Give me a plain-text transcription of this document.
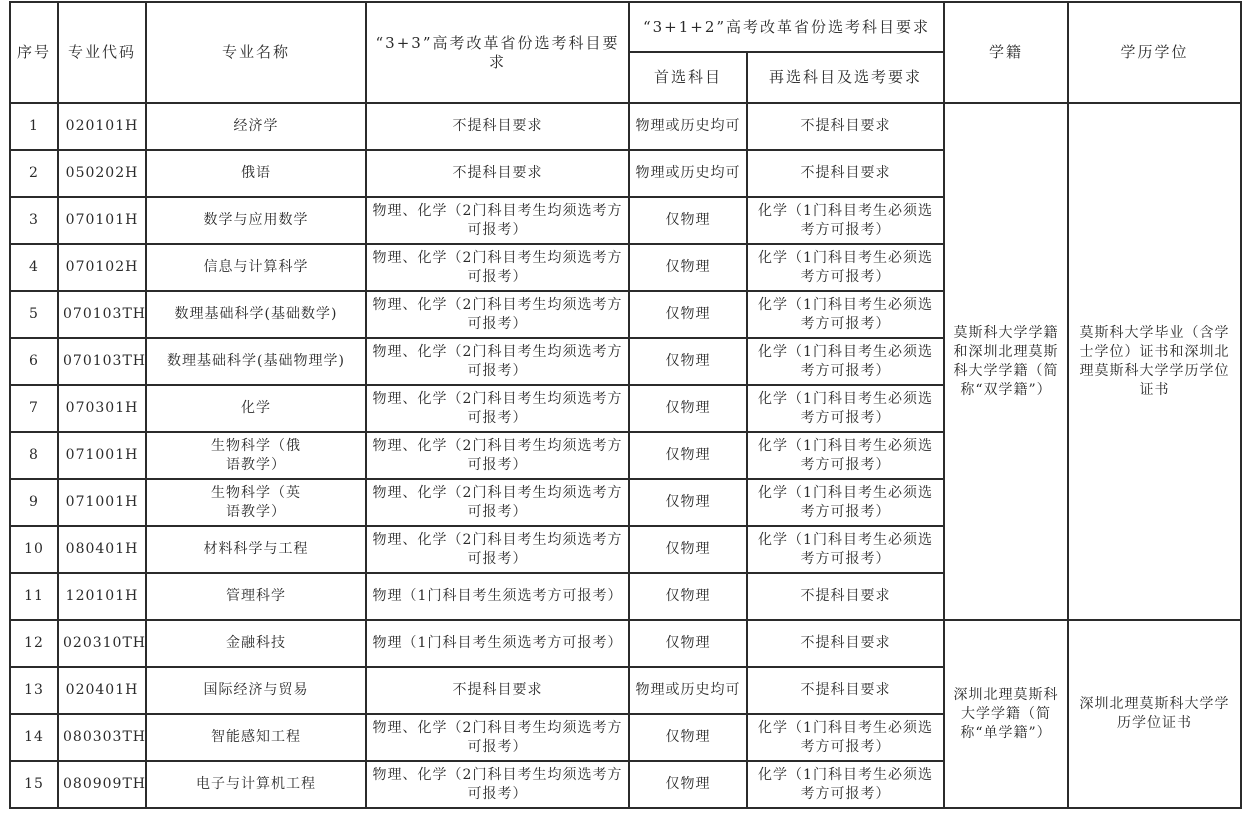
序号	专业代码	专业名称	“3+3”高考改革省份选考科目要求	“3+1+2”高考改革省份选考科目要求		学籍	学历学位
				首选科目	再选科目及选考要求		
1	020101H	经济学	不提科目要求	物理或历史均可	不提科目要求	莫斯科大学学籍和深圳北理莫斯科大学学籍（简称“双学籍”）	莫斯科大学毕业（含学士学位）证书和深圳北理莫斯科大学学历学位证书
2	050202H	俄语	不提科目要求	物理或历史均可	不提科目要求		
3	070101H	数学与应用数学	物理、化学（2门科目考生均须选考方可报考）	仅物理	化学（1门科目考生必须选考方可报考）		
4	070102H	信息与计算科学	物理、化学（2门科目考生均须选考方可报考）	仅物理	化学（1门科目考生必须选考方可报考）		
5	070103TH	数理基础科学(基础数学)	物理、化学（2门科目考生均须选考方可报考）	仅物理	化学（1门科目考生必须选考方可报考）		
6	070103TH	数理基础科学(基础物理学)	物理、化学（2门科目考生均须选考方可报考）	仅物理	化学（1门科目考生必须选考方可报考）		
7	070301H	化学	物理、化学（2门科目考生均须选考方可报考）	仅物理	化学（1门科目考生必须选考方可报考）		
8	071001H	生物科学（俄语教学）	物理、化学（2门科目考生均须选考方可报考）	仅物理	化学（1门科目考生必须选考方可报考）		
9	071001H	生物科学（英语教学）	物理、化学（2门科目考生均须选考方可报考）	仅物理	化学（1门科目考生必须选考方可报考）		
10	080401H	材料科学与工程	物理、化学（2门科目考生均须选考方可报考）	仅物理	化学（1门科目考生必须选考方可报考）		
11	120101H	管理科学	物理（1门科目考生须选考方可报考）	仅物理	不提科目要求		
12	020310TH	金融科技	物理（1门科目考生须选考方可报考）	仅物理	不提科目要求	深圳北理莫斯科大学学籍（简称“单学籍”）	深圳北理莫斯科大学学历学位证书
13	020401H	国际经济与贸易	不提科目要求	物理或历史均可	不提科目要求		
14	080303TH	智能感知工程	物理、化学（2门科目考生均须选考方可报考）	仅物理	化学（1门科目考生必须选考方可报考）		
15	080909TH	电子与计算机工程	物理、化学（2门科目考生均须选考方可报考）	仅物理	化学（1门科目考生必须选考方可报考）		
